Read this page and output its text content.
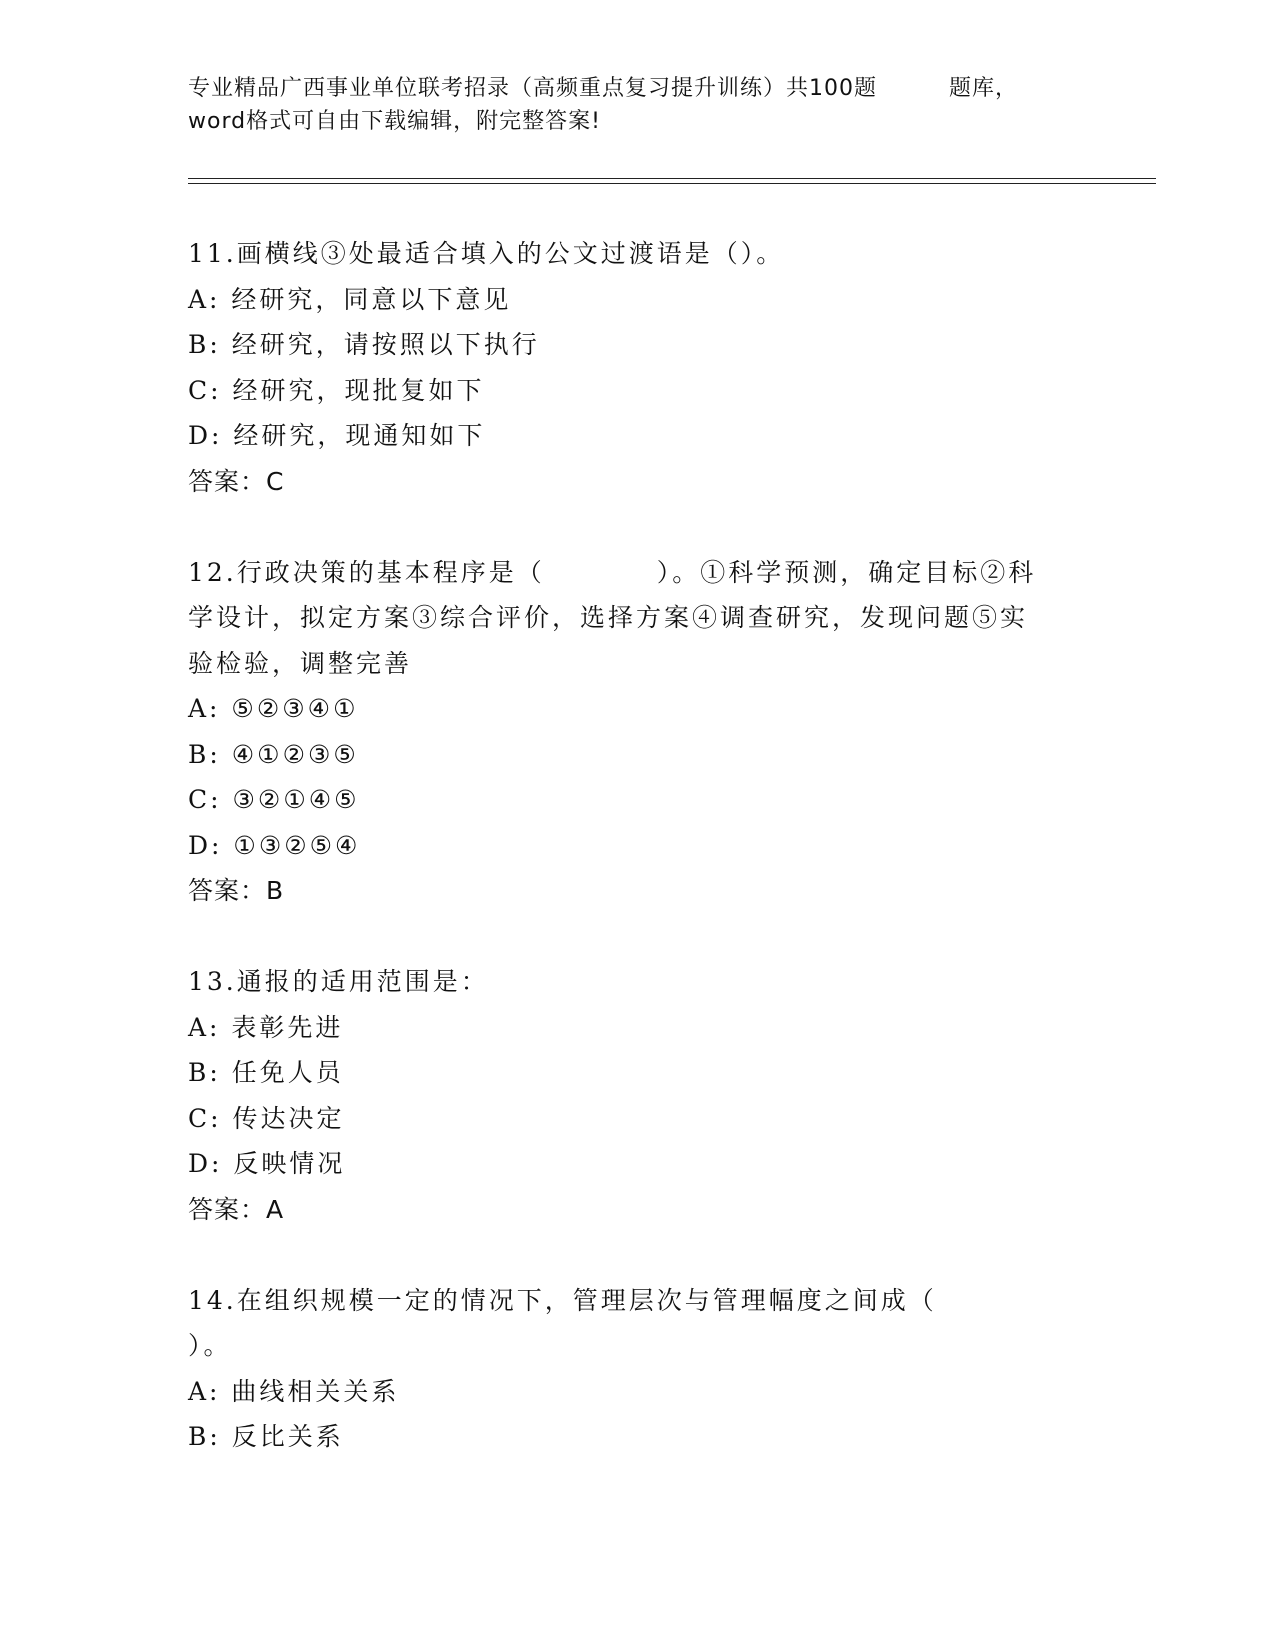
专业精品广西事业单位联考招录（高频重点复习提升训练）共100题	题库，
word格式可自由下载编辑，附完整答案!
11.画横线③处最适合填入的公文过渡语是（）。
A: 经研究，同意以下意见
B: 经研究，请按照以下执行
C: 经研究，现批复如下
D: 经研究，现通知如下
答案：C
12.行政决策的基本程序是（　　　　）。①科学预测，确定目标②科
学设计，拟定方案③综合评价，选择方案④调查研究，发现问题⑤实
验检验，调整完善
A: ⑤②③④①
B: ④①②③⑤
C: ③②①④⑤
D: ①③②⑤④
答案：B
13.通报的适用范围是：
A: 表彰先进
B: 任免人员
C: 传达决定
D: 反映情况
答案：A
14.在组织规模一定的情况下，管理层次与管理幅度之间成（
）。
A: 曲线相关关系
B: 反比关系
